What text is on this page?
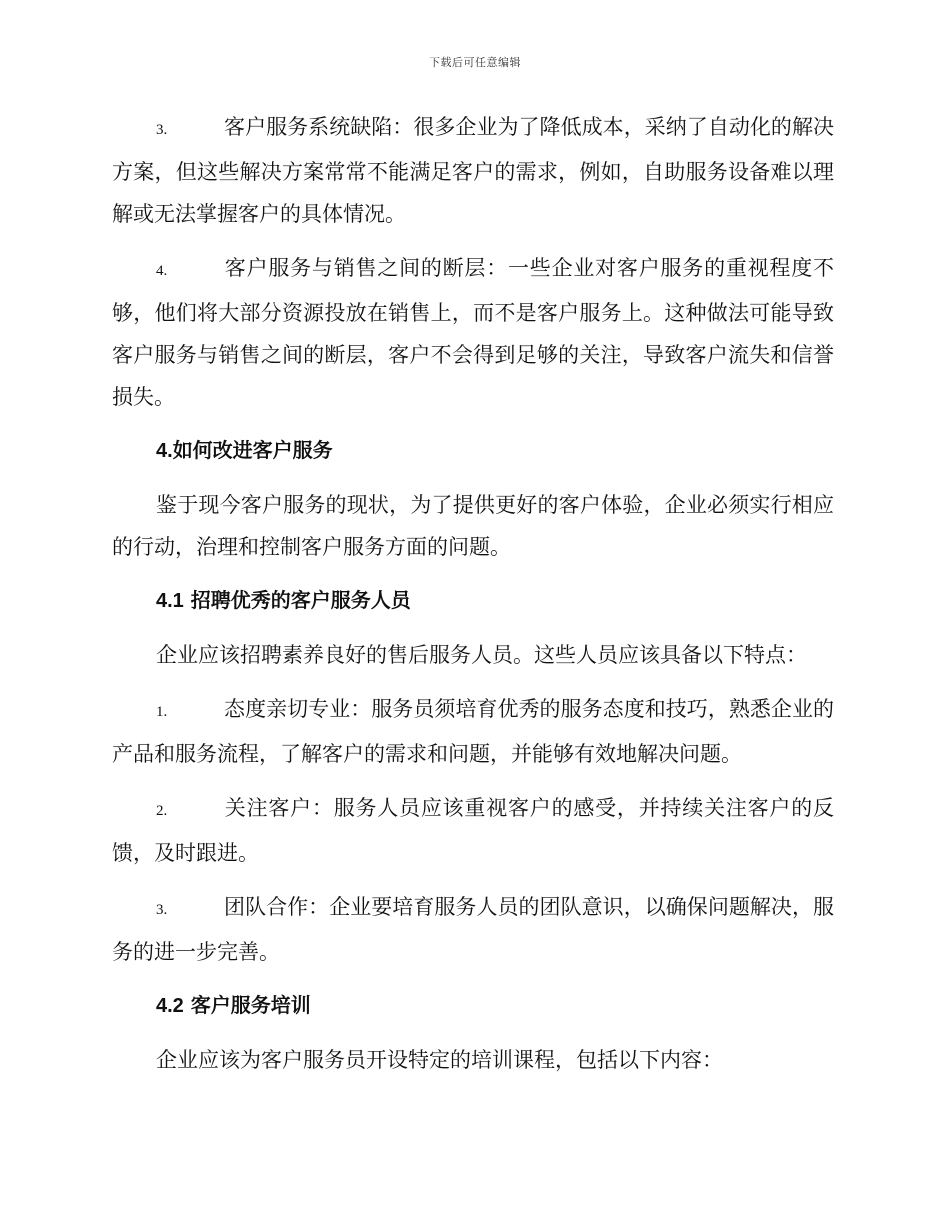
下载后可任意编辑

3.	客户服务系统缺陷：很多企业为了降低成本，采纳了自动化的解决方案，但这些解决方案常常不能满足客户的需求，例如，自助服务设备难以理解或无法掌握客户的具体情况。

4.	客户服务与销售之间的断层：一些企业对客户服务的重视程度不够，他们将大部分资源投放在销售上，而不是客户服务上。这种做法可能导致客户服务与销售之间的断层，客户不会得到足够的关注，导致客户流失和信誉损失。

4.如何改进客户服务

鉴于现今客户服务的现状，为了提供更好的客户体验，企业必须实行相应的行动，治理和控制客户服务方面的问题。

4.1 招聘优秀的客户服务人员

企业应该招聘素养良好的售后服务人员。这些人员应该具备以下特点：

1.	态度亲切专业：服务员须培育优秀的服务态度和技巧，熟悉企业的产品和服务流程，了解客户的需求和问题，并能够有效地解决问题。

2.	关注客户：服务人员应该重视客户的感受，并持续关注客户的反馈，及时跟进。

3.	团队合作：企业要培育服务人员的团队意识，以确保问题解决，服务的进一步完善。

4.2 客户服务培训

企业应该为客户服务员开设特定的培训课程，包括以下内容：
